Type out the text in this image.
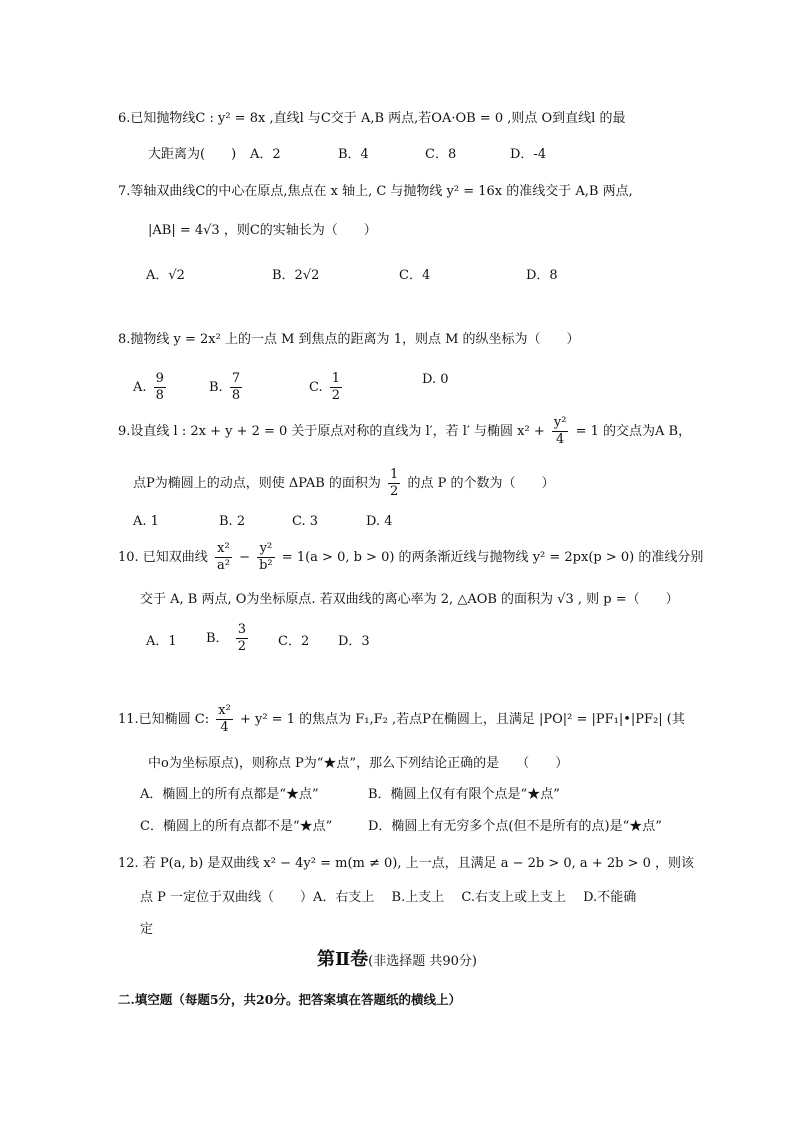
6.已知抛物线C : y² = 8x ,直线l 与C交于 A,B 两点,若OA·OB = 0 ,则点 O到直线l 的最
大距离为(　　) A．2	B．4	C．8	D．-4
7.等轴双曲线C的中心在原点,焦点在 x 轴上, C 与抛物线 y² = 16x 的准线交于 A,B 两点,
|AB| = 4√3 ，则C的实轴长为（　　）
A．√2	B．2√2	C．4	D．8
8.抛物线 y = 2x² 上的一点 M 到焦点的距离为 1，则点 M 的纵坐标为（　　）
A. $\frac{9}{8}$	B. $\frac{7}{8}$	C. $\frac{1}{2}$	D. 0
9.设直线 l : 2x + y + 2 = 0 关于原点对称的直线为 l′，若 l′ 与椭圆 $x^2 + \frac{\text{y²}}{4} = 1$ 的交点为A B，
点P为椭圆上的动点，则使 ΔPAB 的面积为 $\frac{1}{2}$ 的点 P 的个数为（　　）
A. 1	B. 2	C. 3	D. 4
10. 已知双曲线 $\frac{\text{x²}}{\text{a²}} - \frac{\text{y²}}{\text{b²}} = 1(a > 0$, b > 0) 的两条渐近线与抛物线 y² = 2px(p > 0) 的准线分别
交于 A, B 两点, O为坐标原点. 若双曲线的离心率为 2, △AOB 的面积为 √3 , 则 p =（　　）
A．1 B． $\frac{3}{2}$ C．2 D．3
11.已知椭圆 C: $\frac{\text{x²}}{4} + y^2 = 1$ 的焦点为 F₁,F₂ ,若点P在椭圆上，且满足 |PO|² = |PF₁|•|PF₂| (其
中o为坐标原点)，则称点 P为“★点”，那么下列结论正确的是　 （　　）
A．椭圆上的所有点都是“★点”	B．椭圆上仅有有限个点是“★点”
C．椭圆上的所有点都不是“★点”	D．椭圆上有无穷多个点(但不是所有的点)是“★点”
12. 若 P(a, b) 是双曲线 x² − 4y² = m(m ≠ 0), 上一点，且满足 a − 2b > 0, a + 2b > 0 ，则该
点 P 一定位于双曲线（　　）A．右支上　 B.上支上　 C.右支上或上支上　 D.不能确
定
第Ⅱ卷(非选择题 共90分)
二.填空题（每题5分，共20分。把答案填在答题纸的横线上）
